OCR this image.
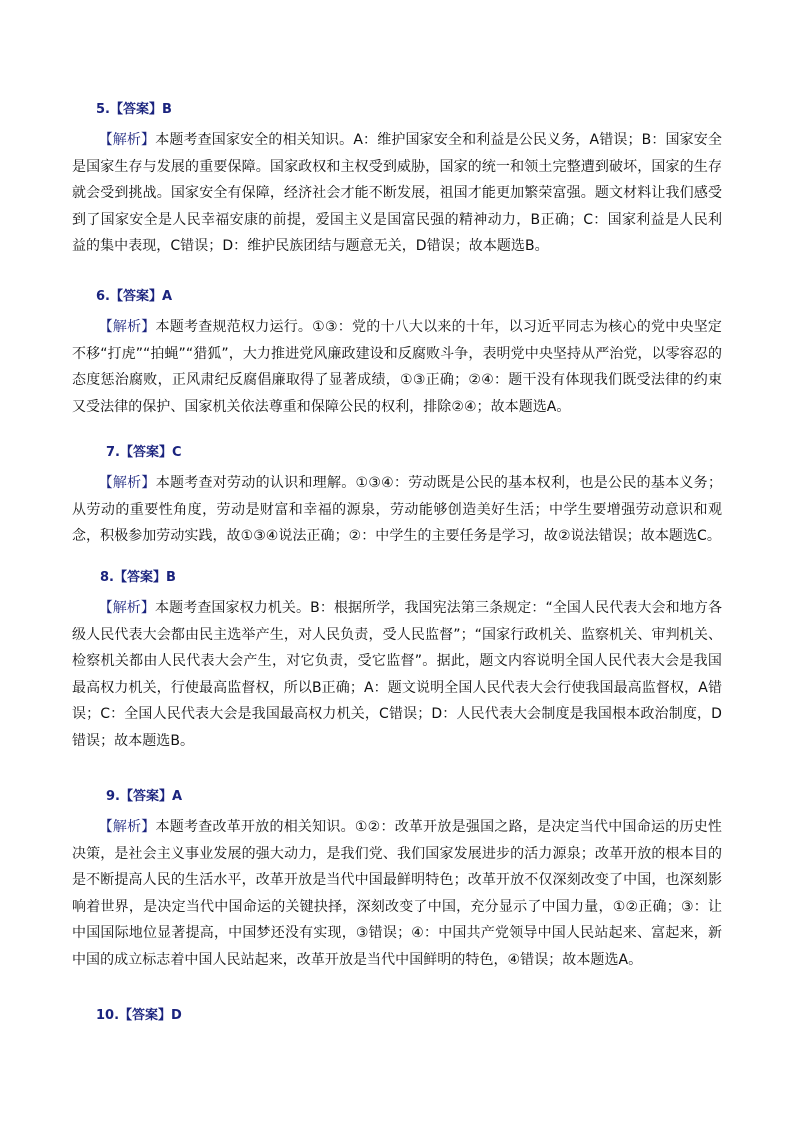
5.【答案】B
【解析】本题考查国家安全的相关知识。A：维护国家安全和利益是公民义务，A错误；B：国家安全是国家生存与发展的重要保障。国家政权和主权受到威胁，国家的统一和领土完整遭到破坏，国家的生存就会受到挑战。国家安全有保障，经济社会才能不断发展，祖国才能更加繁荣富强。题文材料让我们感受到了国家安全是人民幸福安康的前提，爱国主义是国富民强的精神动力，B正确；C：国家利益是人民利益的集中表现，C错误；D：维护民族团结与题意无关，D错误；故本题选B。
6.【答案】A
【解析】本题考查规范权力运行。①③：党的十八大以来的十年，以习近平同志为核心的党中央坚定不移“打虎”“拍蝇”“猎狐”，大力推进党风廉政建设和反腐败斗争，表明党中央坚持从严治党，以零容忍的态度惩治腐败，正风肃纪反腐倡廉取得了显著成绩，①③正确；②④：题干没有体现我们既受法律的约束又受法律的保护、国家机关依法尊重和保障公民的权利，排除②④；故本题选A。
7.【答案】C
【解析】本题考查对劳动的认识和理解。①③④：劳动既是公民的基本权利，也是公民的基本义务；从劳动的重要性角度，劳动是财富和幸福的源泉，劳动能够创造美好生活；中学生要增强劳动意识和观念，积极参加劳动实践，故①③④说法正确；②：中学生的主要任务是学习，故②说法错误；故本题选C。
8.【答案】B
【解析】本题考查国家权力机关。B：根据所学，我国宪法第三条规定：“全国人民代表大会和地方各级人民代表大会都由民主选举产生，对人民负责，受人民监督”；“国家行政机关、监察机关、审判机关、检察机关都由人民代表大会产生，对它负责，受它监督”。据此，题文内容说明全国人民代表大会是我国最高权力机关，行使最高监督权，所以B正确；A：题文说明全国人民代表大会行使我国最高监督权，A错误；C：全国人民代表大会是我国最高权力机关，C错误；D：人民代表大会制度是我国根本政治制度，D错误；故本题选B。
9.【答案】A
【解析】本题考查改革开放的相关知识。①②：改革开放是强国之路，是决定当代中国命运的历史性决策，是社会主义事业发展的强大动力，是我们党、我们国家发展进步的活力源泉；改革开放的根本目的是不断提高人民的生活水平，改革开放是当代中国最鲜明特色；改革开放不仅深刻改变了中国，也深刻影响着世界，是决定当代中国命运的关键抉择，深刻改变了中国，充分显示了中国力量，①②正确；③：让中国国际地位显著提高，中国梦还没有实现，③错误；④：中国共产党领导中国人民站起来、富起来，新中国的成立标志着中国人民站起来，改革开放是当代中国鲜明的特色，④错误；故本题选A。
10.【答案】D
